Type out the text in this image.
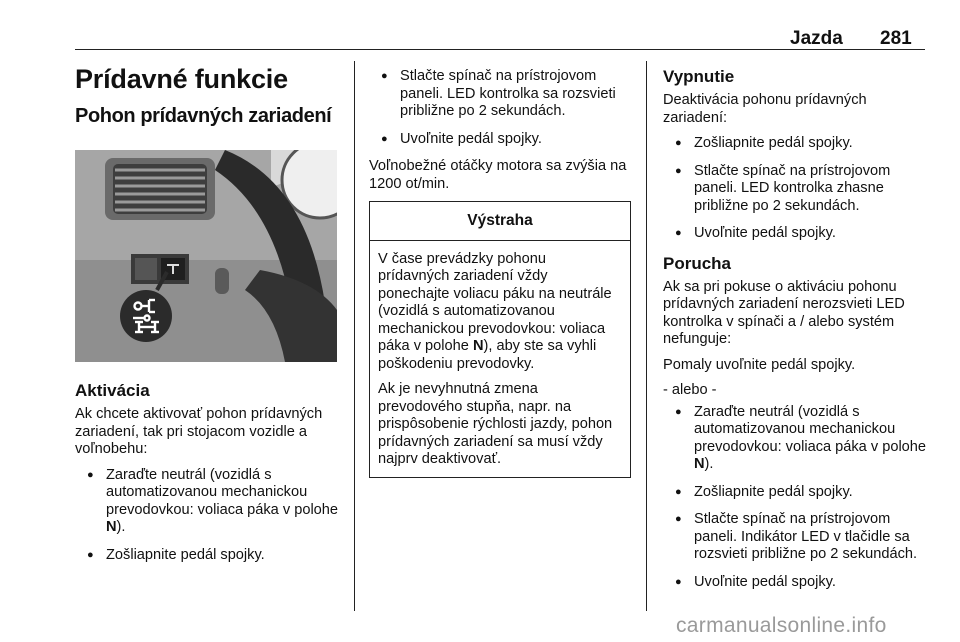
Jazda 281
Prídavné funkcie
Pohon prídavných zariadení
Aktivácia

Ak chcete aktivovať pohon prídavných zariadení, tak pri stojacom vozidle a voľnobehu:

● Zaraďte neutrál (vozidlá s automatizovanou mechanickou prevodovkou: voliaca páka v polohe N).
● Zošliapnite pedál spojky.
● Stlačte spínač na prístrojovom paneli. LED kontrolka sa rozsvieti približne po 2 sekundách.
● Uvoľnite pedál spojky.

Voľnobežné otáčky motora sa zvýšia na 1200 ot/min.

Výstraha

V čase prevádzky pohonu prídavných zariadení vždy ponechajte voliacu páku na neutrále (vozidlá s automatizovanou mechanickou prevodovkou: voliaca páka v polohe N), aby ste sa vyhli poškodeniu prevodovky.

Ak je nevyhnutná zmena prevodového stupňa, napr. na prispôsobenie rýchlosti jazdy, pohon prídavných zariadení sa musí vždy najprv deaktivovať.

Vypnutie

Deaktivácia pohonu prídavných zariadení:

● Zošliapnite pedál spojky.
● Stlačte spínač na prístrojovom paneli. LED kontrolka zhasne približne po 2 sekundách.
● Uvoľnite pedál spojky.
Porucha

Ak sa pri pokuse o aktiváciu pohonu prídavných zariadení nerozsvieti LED kontrolka v spínači a / alebo systém nefunguje:

Pomaly uvoľnite pedál spojky.

- alebo -

● Zaraďte neutrál (vozidlá s automatizovanou mechanickou prevodovkou: voliaca páka v polohe N).
● Zošliapnite pedál spojky.
● Stlačte spínač na prístrojovom paneli. Indikátor LED v tlačidle sa rozsvieti približne po 2 sekundách.
● Uvoľnite pedál spojky.
carmanualsonline.info
